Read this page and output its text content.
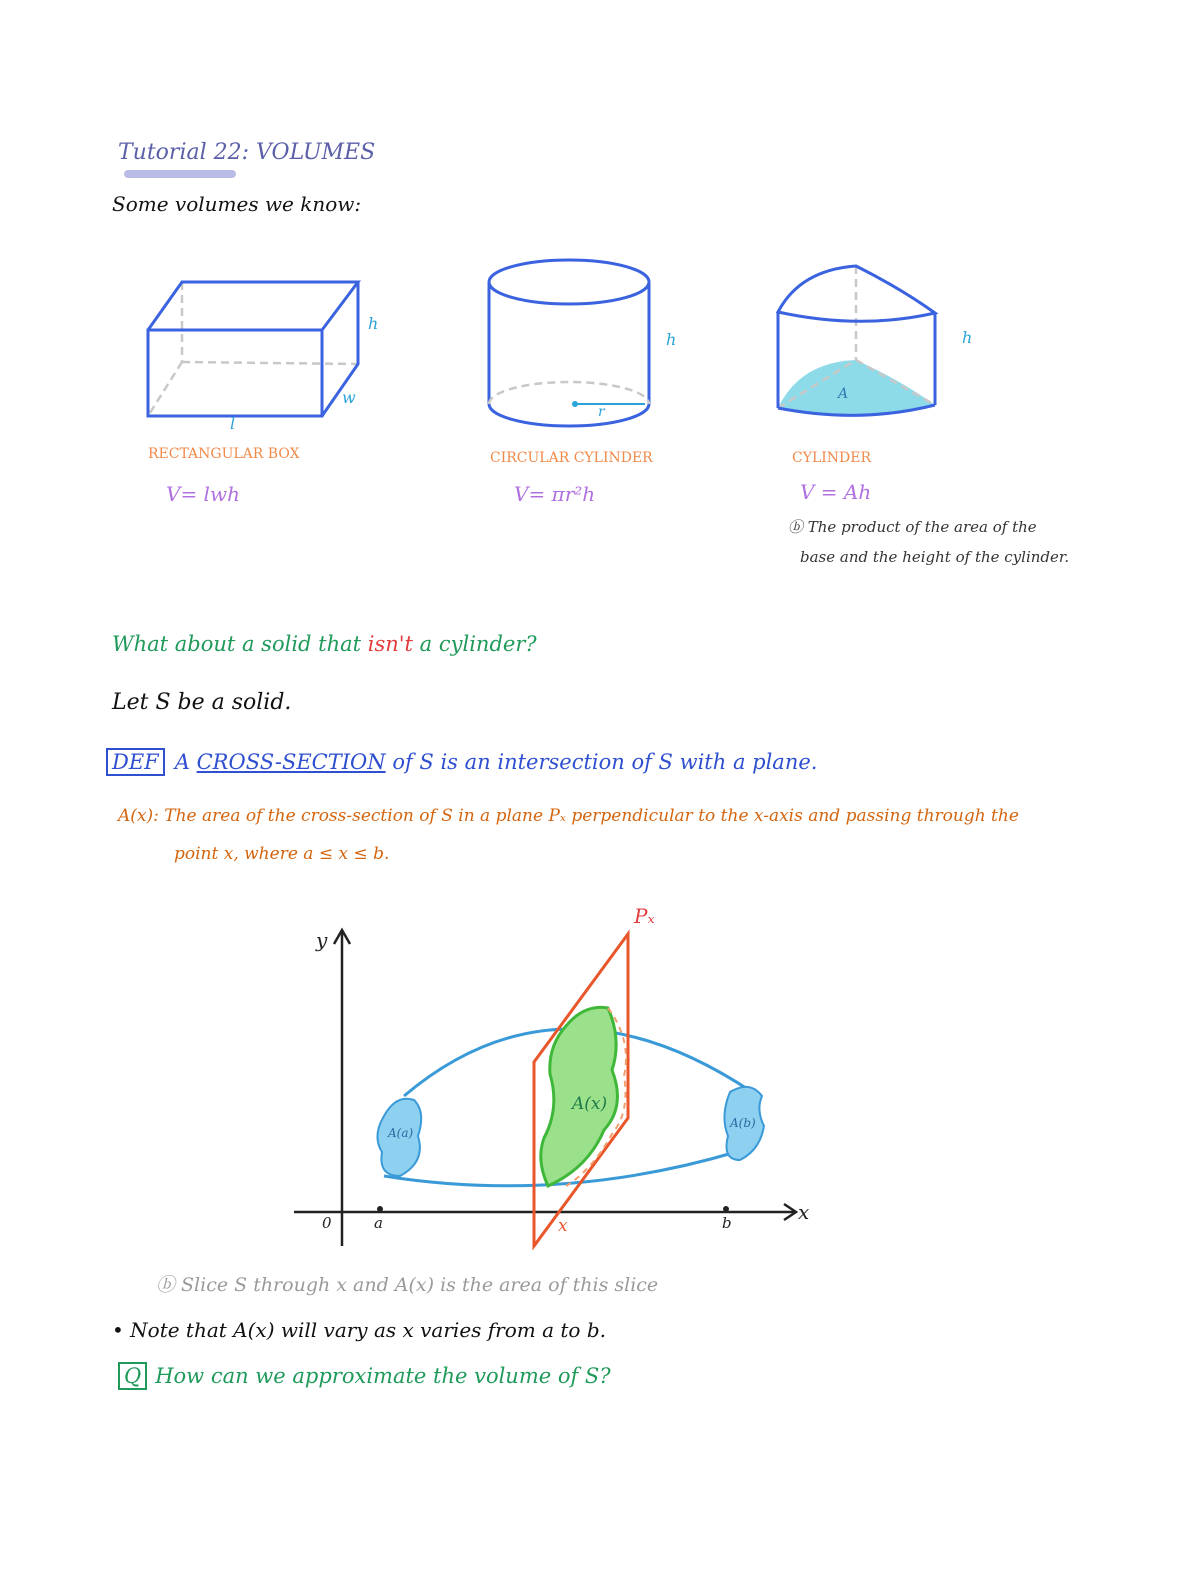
Tutorial 22: VOLUMES
Some volumes we know:
h
w
l
RECTANGULAR BOX
V= lwh
h
r
CIRCULAR CYLINDER
V= πr²h
h
A
CYLINDER
V = Ah
ⓑ The product of the area of the
base and the height of the cylinder.
What about a solid that isn't a cylinder?
Let S be a solid.
DEF A CROSS-SECTION of S is an intersection of S with a plane.
A(x): The area of the cross-section of S in a plane Pₓ perpendicular to the x-axis and passing through the
point x, where a ≤ x ≤ b.
y
x
0	a	b
x
Pₓ
A(x)
A(a)
A(b)
ⓑ Slice S through x and A(x) is the area of this slice
• Note that A(x) will vary as x varies from a to b.
Q How can we approximate the volume of S?
